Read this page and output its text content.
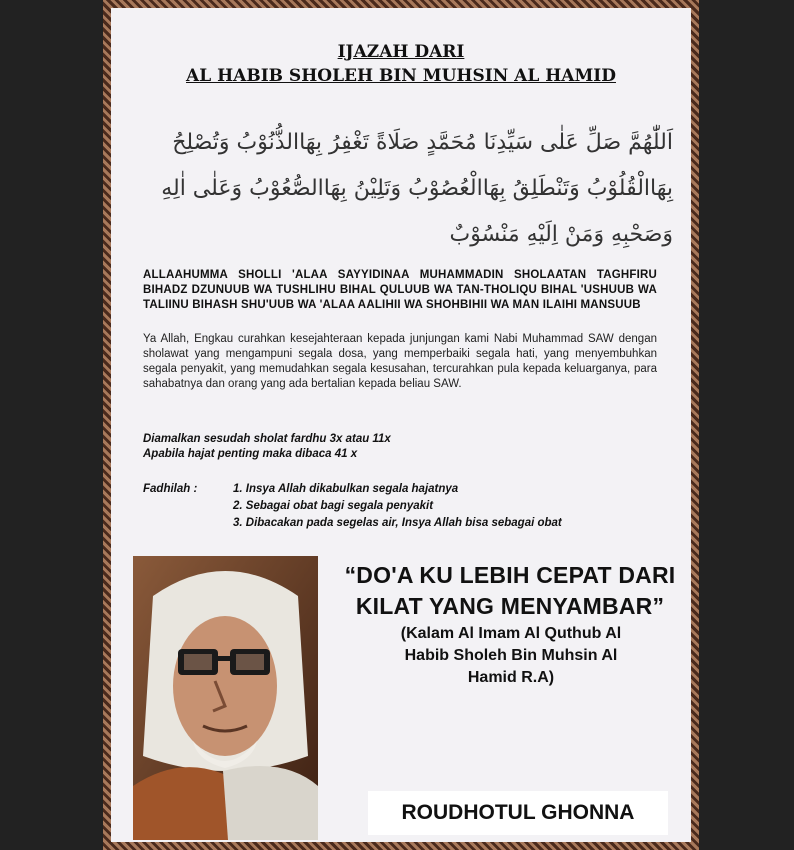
IJAZAH DARI
AL HABIB SHOLEH BIN MUHSIN AL HAMID
اَللّٰهُمَّ صَلِّ عَلٰى سَيِّدِنَا مُحَمَّدٍ صَلَاةً تَغْفِرُ بِهَاالذُّنُوْبُ وَتُصْلِحُ بِهَاالْقُلُوْبُ وَتَنْطَلِقُ بِهَاالْعُصُوْبُ وَتَلِيْنُ بِهَاالصُّعُوْبُ وَعَلٰى اٰلِهِ وَصَحْبِهِ وَمَنْ اِلَيْهِ مَنْسُوْبٌ
ALLAAHUMMA SHOLLI 'ALAA SAYYIDINAA MUHAMMADIN SHOLAATAN TAGHFIRU BIHADZ DZUNUUB WA TUSHLIHU BIHAL QULUUB WA TAN-THOLIQU BIHAL 'USHUUB WA TALIINU BIHASH SHU'UUB WA 'ALAA AALIHII WA SHOHBIHII WA MAN ILAIHI MANSUUB
Ya Allah, Engkau curahkan kesejahteraan kepada junjungan kami Nabi Muhammad SAW dengan sholawat yang mengampuni segala dosa, yang memperbaiki segala hati, yang menyembuhkan segala penyakit, yang memudahkan segala kesusahan, tercurahkan pula kepada keluarganya, para sahabatnya dan orang yang ada bertalian kepada beliau SAW.
Diamalkan sesudah sholat fardhu 3x atau 11x
Apabila hajat penting maka dibaca 41 x
Fadhilah :	1. Insya Allah dikabulkan segala hajatnya
2. Sebagai obat bagi segala penyakit
3. Dibacakan pada segelas air, Insya Allah bisa sebagai obat
“DO'A KU LEBIH CEPAT DARI
KILAT YANG MENYAMBAR”
(Kalam Al Imam Al Quthub Al
Habib Sholeh Bin Muhsin Al
Hamid R.A)
ROUDHOTUL GHONNA
